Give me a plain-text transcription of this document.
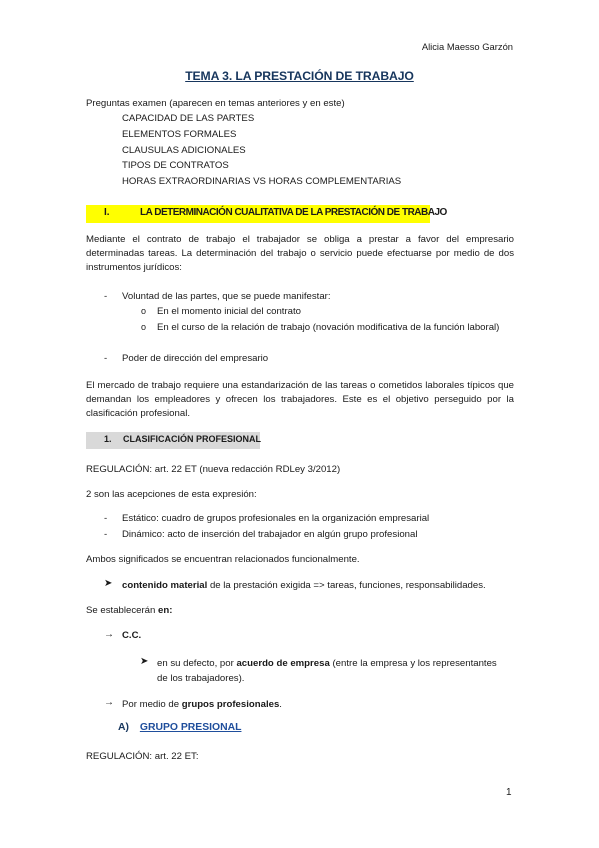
Alicia Maesso Garzón
TEMA 3. LA PRESTACIÓN DE TRABAJO
Preguntas examen (aparecen en temas anteriores y en este)
CAPACIDAD DE LAS PARTES
ELEMENTOS FORMALES
CLAUSULAS ADICIONALES
TIPOS DE CONTRATOS
HORAS EXTRAORDINARIAS VS HORAS COMPLEMENTARIAS
I.	LA DETERMINACIÓN CUALITATIVA DE LA PRESTACIÓN DE TRABAJO
Mediante el contrato de trabajo el trabajador se obliga a prestar a favor del empresario determinadas tareas. La determinación del trabajo o servicio puede efectuarse por medio de dos instrumentos jurídicos:
- Voluntad de las partes, que se puede manifestar:
o En el momento inicial del contrato
o En el curso de la relación de trabajo (novación modificativa de la función laboral)
- Poder de dirección del empresario
El mercado de trabajo requiere una estandarización de las tareas o cometidos laborales típicos que demandan los empleadores y ofrecen los trabajadores. Este es el objetivo perseguido por la clasificación profesional.
1. CLASIFICACIÓN PROFESIONAL
REGULACIÓN: art. 22 ET (nueva redacción RDLey 3/2012)
2 son las acepciones de esta expresión:
- Estático: cuadro de grupos profesionales en la organización empresarial
- Dinámico: acto de inserción del trabajador en algún grupo profesional
Ambos significados se encuentran relacionados funcionalmente.
➤ contenido material de la prestación exigida => tareas, funciones, responsabilidades.
Se establecerán en:
→ C.C.
➤ en su defecto, por acuerdo de empresa (entre la empresa y los representantes
de los trabajadores).
→ Por medio de grupos profesionales.
A) GRUPO PRESIONAL
REGULACIÓN: art. 22 ET:
1
